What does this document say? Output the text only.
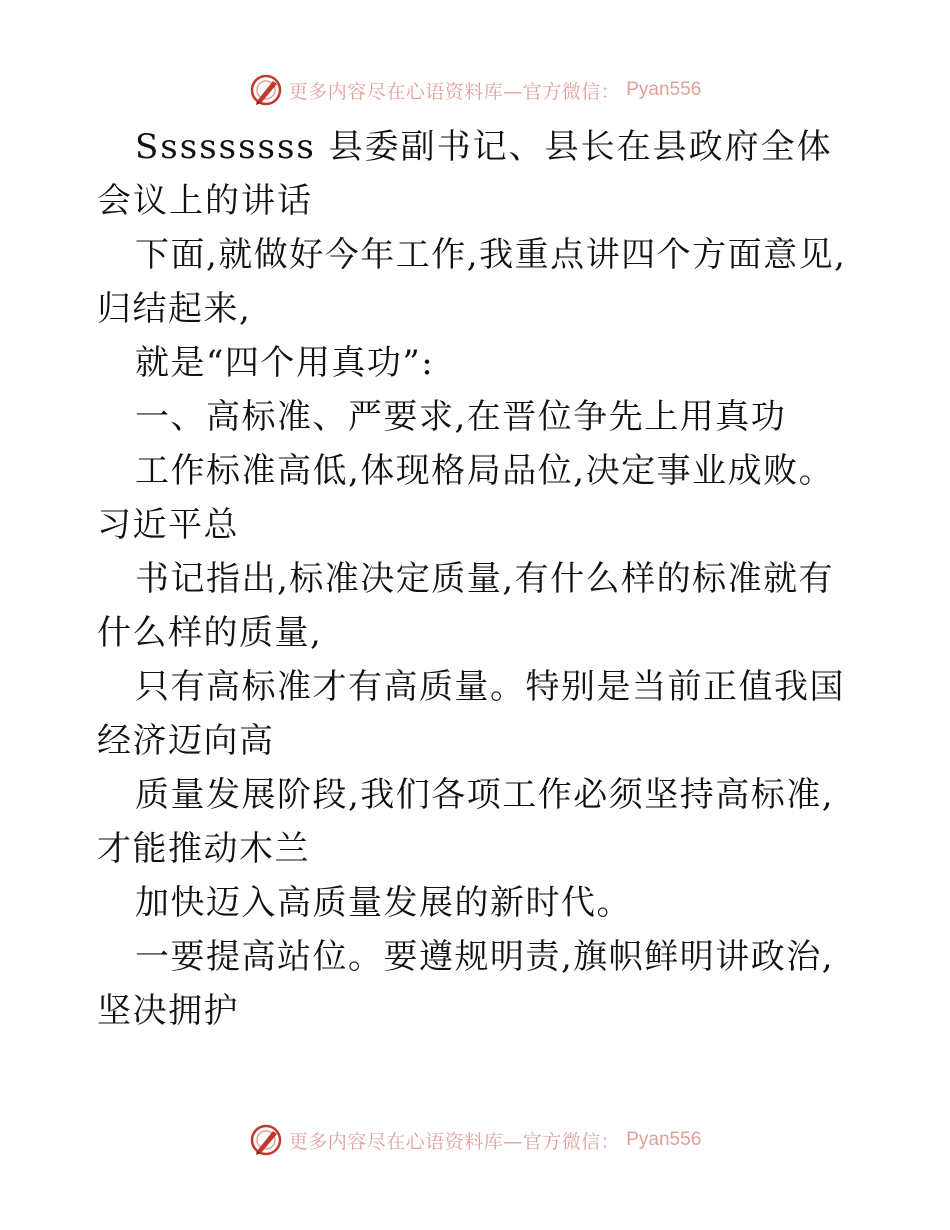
更多内容尽在心语资料库—官方微信： Pyan556

Sssssssss 县委副书记、县长在县政府全体会议上的讲话

下面,就做好今年工作,我重点讲四个方面意见,归结起来,

就是“四个用真功”:

一、高标准、严要求,在晋位争先上用真功

工作标准高低,体现格局品位,决定事业成败。习近平总

书记指出,标准决定质量,有什么样的标准就有什么样的质量,

只有高标准才有高质量。特别是当前正值我国经济迈向高

质量发展阶段,我们各项工作必须坚持高标准,才能推动木兰

加快迈入高质量发展的新时代。

一要提高站位。要遵规明责,旗帜鲜明讲政治,坚决拥护

更多内容尽在心语资料库—官方微信： Pyan556
